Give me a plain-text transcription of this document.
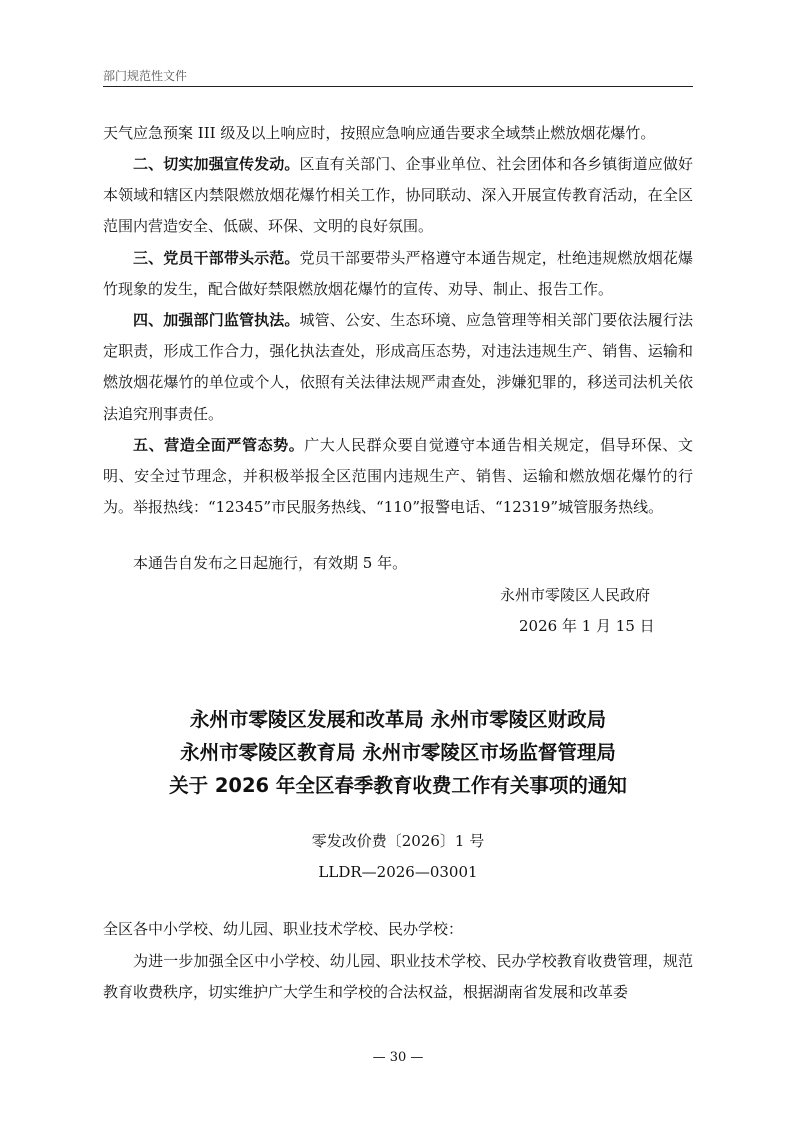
部门规范性文件

天气应急预案 III 级及以上响应时，按照应急响应通告要求全域禁止燃放烟花爆竹。

二、切实加强宣传发动。区直有关部门、企事业单位、社会团体和各乡镇街道应做好本领域和辖区内禁限燃放烟花爆竹相关工作，协同联动、深入开展宣传教育活动，在全区范围内营造安全、低碳、环保、文明的良好氛围。

三、党员干部带头示范。党员干部要带头严格遵守本通告规定，杜绝违规燃放烟花爆竹现象的发生，配合做好禁限燃放烟花爆竹的宣传、劝导、制止、报告工作。

四、加强部门监管执法。城管、公安、生态环境、应急管理等相关部门要依法履行法定职责，形成工作合力，强化执法查处，形成高压态势，对违法违规生产、销售、运输和燃放烟花爆竹的单位或个人，依照有关法律法规严肃查处，涉嫌犯罪的，移送司法机关依法追究刑事责任。

五、营造全面严管态势。广大人民群众要自觉遵守本通告相关规定，倡导环保、文明、安全过节理念，并积极举报全区范围内违规生产、销售、运输和燃放烟花爆竹的行为。举报热线：“12345”市民服务热线、“110”报警电话、“12319”城管服务热线。

本通告自发布之日起施行，有效期 5 年。

永州市零陵区人民政府
2026 年 1 月 15 日
永州市零陵区发展和改革局 永州市零陵区财政局
永州市零陵区教育局 永州市零陵区市场监督管理局
关于 2026 年全区春季教育收费工作有关事项的通知
零发改价费〔2026〕1 号
LLDR—2026—03001

全区各中小学校、幼儿园、职业技术学校、民办学校：

为进一步加强全区中小学校、幼儿园、职业技术学校、民办学校教育收费管理，规范教育收费秩序，切实维护广大学生和学校的合法权益，根据湖南省发展和改革委

— 30 —
